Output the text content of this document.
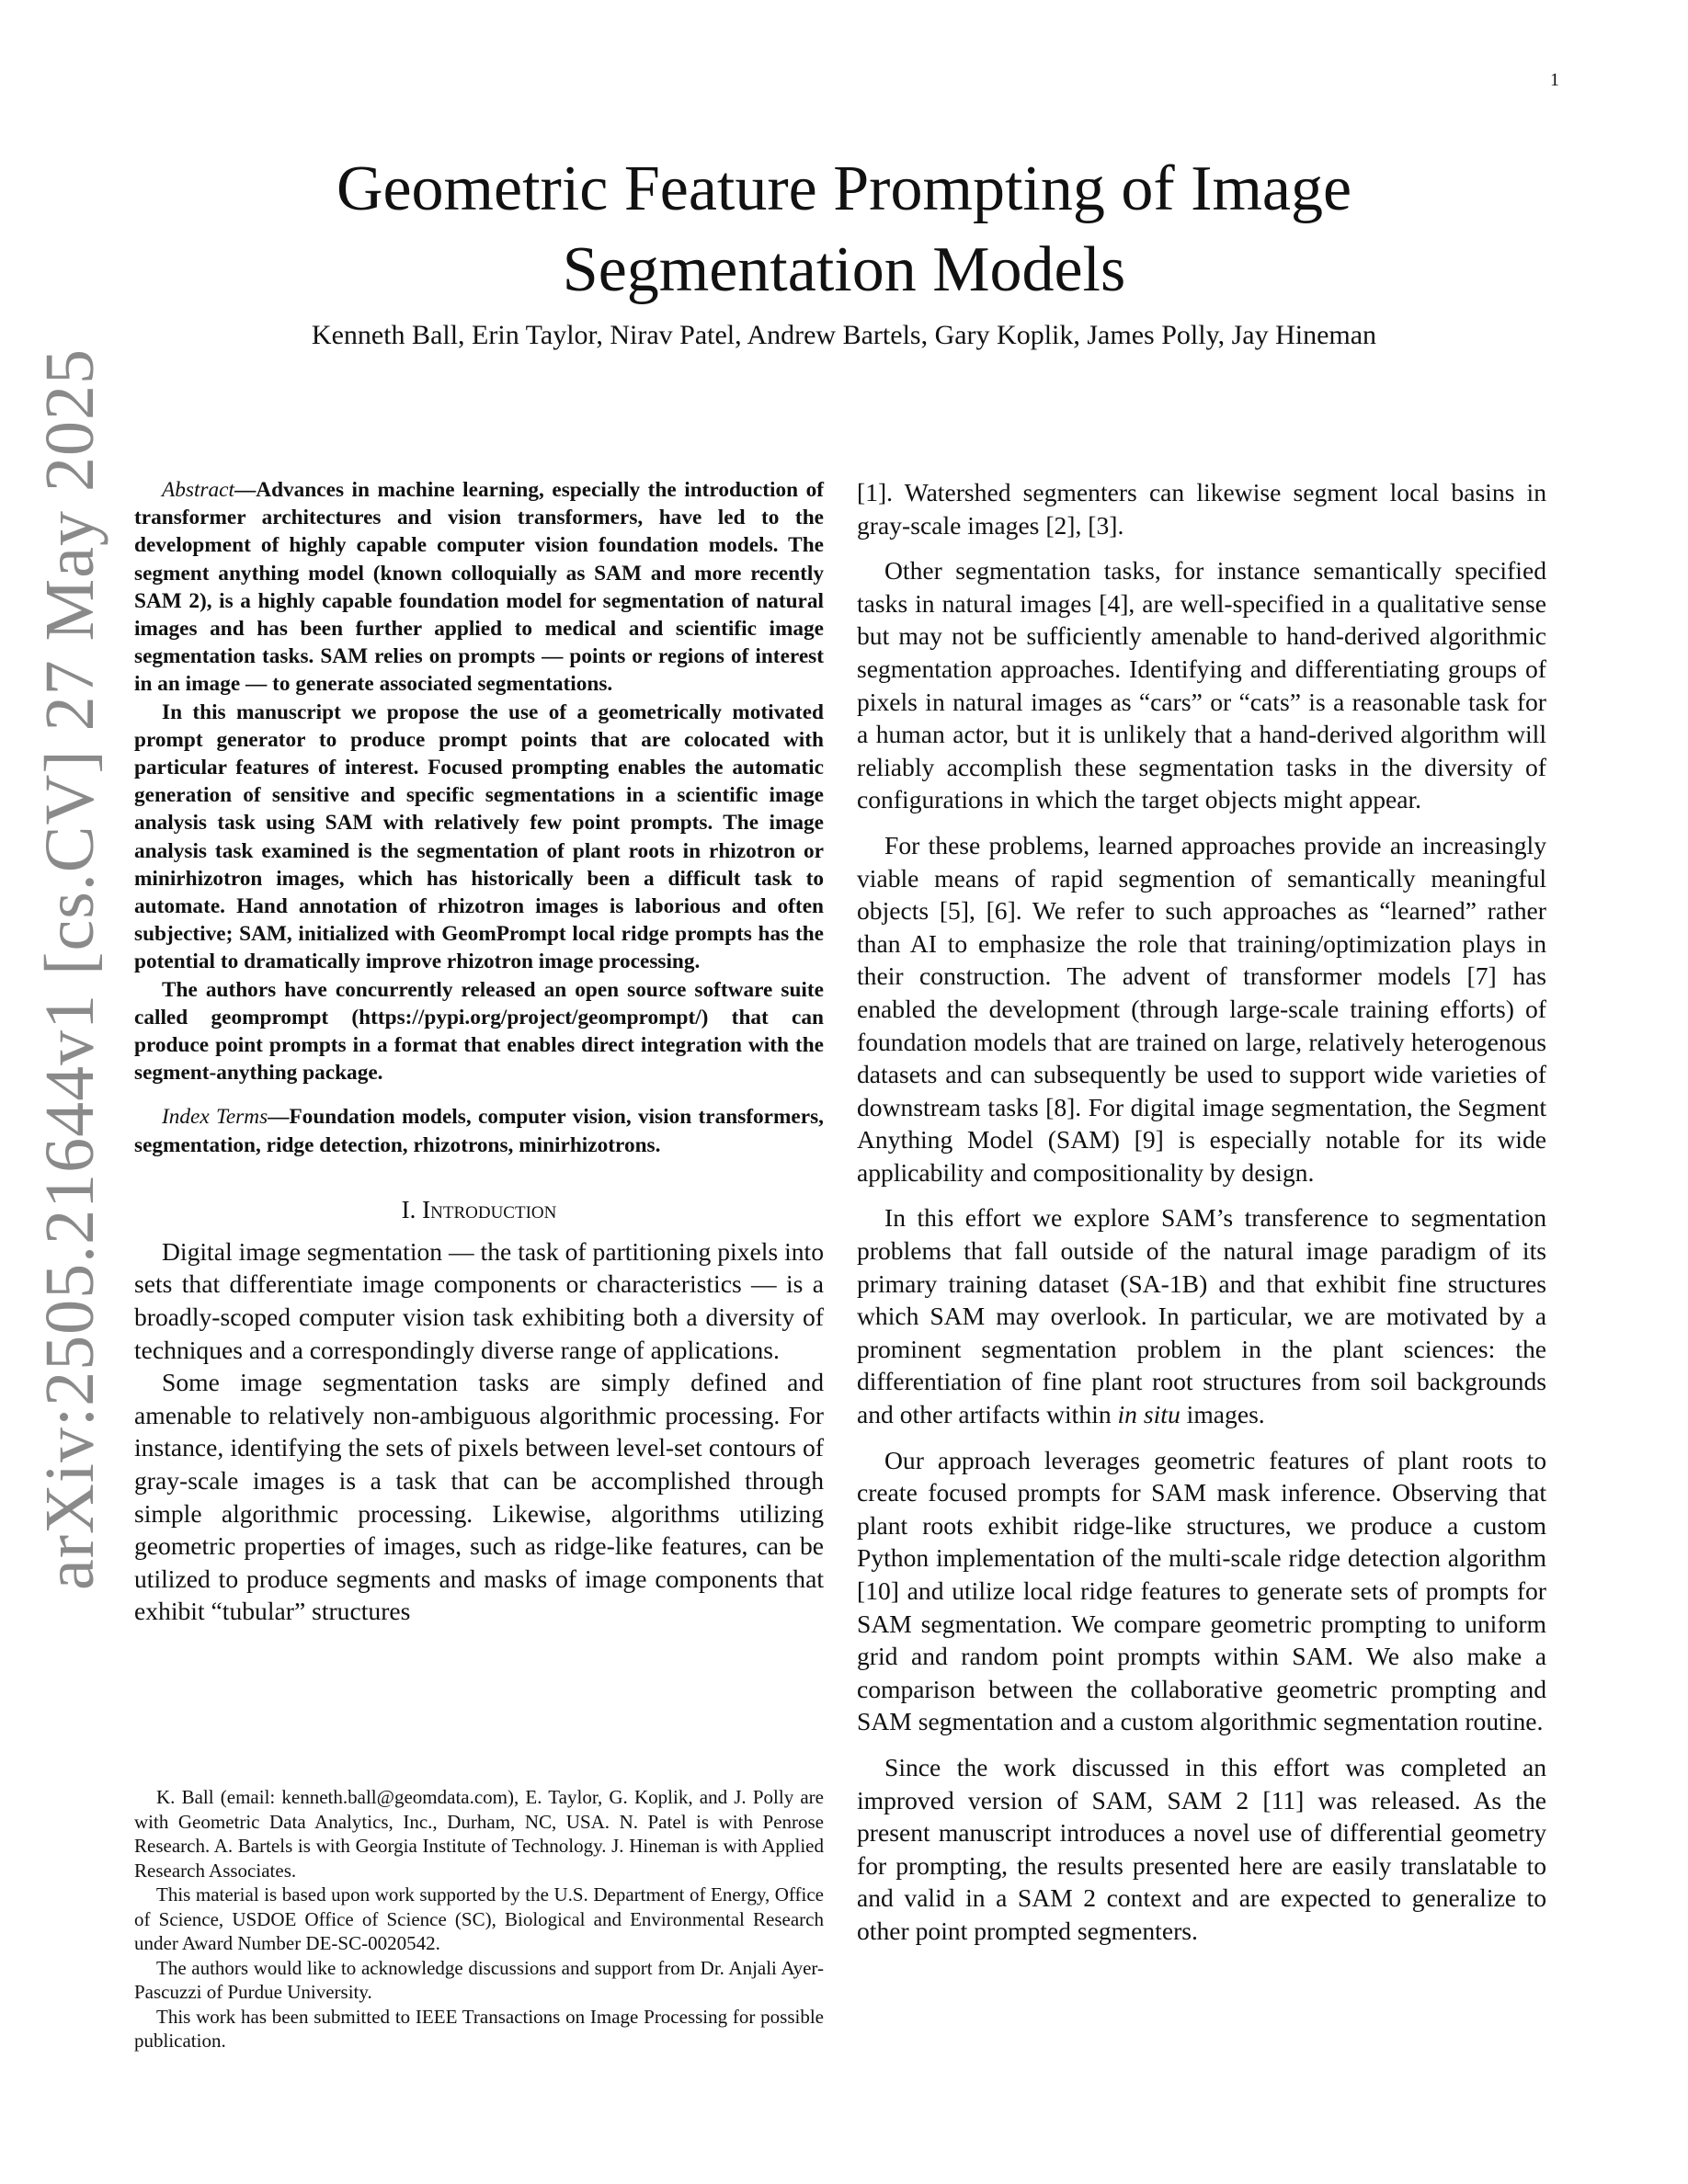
1
arXiv:2505.21644v1 [cs.CV] 27 May 2025
Geometric Feature Prompting of Image
Segmentation Models

Kenneth Ball, Erin Taylor, Nirav Patel, Andrew Bartels, Gary Koplik, James Polly, Jay Hineman

Abstract—Advances in machine learning, especially the introduction of transformer architectures and vision transformers, have led to the development of highly capable computer vision foundation models. The segment anything model (known colloquially as SAM and more recently SAM 2), is a highly capable foundation model for segmentation of natural images and has been further applied to medical and scientific image segmentation tasks. SAM relies on prompts — points or regions of interest in an image — to generate associated segmentations.

In this manuscript we propose the use of a geometrically motivated prompt generator to produce prompt points that are colocated with particular features of interest. Focused prompting enables the automatic generation of sensitive and specific segmentations in a scientific image analysis task using SAM with relatively few point prompts. The image analysis task examined is the segmentation of plant roots in rhizotron or minirhizotron images, which has historically been a difficult task to automate. Hand annotation of rhizotron images is laborious and often subjective; SAM, initialized with GeomPrompt local ridge prompts has the potential to dramatically improve rhizotron image processing.

The authors have concurrently released an open source software suite called geomprompt (https://pypi.org/project/geomprompt/) that can produce point prompts in a format that enables direct integration with the segment-anything package.

Index Terms—Foundation models, computer vision, vision transformers, segmentation, ridge detection, rhizotrons, minirhizotrons.

I. Introduction

Digital image segmentation — the task of partitioning pixels into sets that differentiate image components or characteristics — is a broadly-scoped computer vision task exhibiting both a diversity of techniques and a correspondingly diverse range of applications.

Some image segmentation tasks are simply defined and amenable to relatively non-ambiguous algorithmic processing. For instance, identifying the sets of pixels between level-set contours of gray-scale images is a task that can be accomplished through simple algorithmic processing. Likewise, algorithms utilizing geometric properties of images, such as ridge-like features, can be utilized to produce segments and masks of image components that exhibit “tubular” structures

[1]. Watershed segmenters can likewise segment local basins in gray-scale images [2], [3].

Other segmentation tasks, for instance semantically specified tasks in natural images [4], are well-specified in a qualitative sense but may not be sufficiently amenable to hand-derived algorithmic segmentation approaches. Identifying and differentiating groups of pixels in natural images as “cars” or “cats” is a reasonable task for a human actor, but it is unlikely that a hand-derived algorithm will reliably accomplish these segmentation tasks in the diversity of configurations in which the target objects might appear.

For these problems, learned approaches provide an increasingly viable means of rapid segmention of semantically meaningful objects [5], [6]. We refer to such approaches as “learned” rather than AI to emphasize the role that training/optimization plays in their construction. The advent of transformer models [7] has enabled the development (through large-scale training efforts) of foundation models that are trained on large, relatively heterogenous datasets and can subsequently be used to support wide varieties of downstream tasks [8]. For digital image segmentation, the Segment Anything Model (SAM) [9] is especially notable for its wide applicability and compositionality by design.

In this effort we explore SAM’s transference to segmentation problems that fall outside of the natural image paradigm of its primary training dataset (SA-1B) and that exhibit fine structures which SAM may overlook. In particular, we are motivated by a prominent segmentation problem in the plant sciences: the differentiation of fine plant root structures from soil backgrounds and other artifacts within in situ images.

Our approach leverages geometric features of plant roots to create focused prompts for SAM mask inference. Observing that plant roots exhibit ridge-like structures, we produce a custom Python implementation of the multi-scale ridge detection algorithm [10] and utilize local ridge features to generate sets of prompts for SAM segmentation. We compare geometric prompting to uniform grid and random point prompts within SAM. We also make a comparison between the collaborative geometric prompting and SAM segmentation and a custom algorithmic segmentation routine.

Since the work discussed in this effort was completed an improved version of SAM, SAM 2 [11] was released. As the present manuscript introduces a novel use of differential geometry for prompting, the results presented here are easily translatable to and valid in a SAM 2 context and are expected to generalize to other point prompted segmenters.

K. Ball (email: kenneth.ball@geomdata.com), E. Taylor, G. Koplik, and J. Polly are with Geometric Data Analytics, Inc., Durham, NC, USA. N. Patel is with Penrose Research. A. Bartels is with Georgia Institute of Technology. J. Hineman is with Applied Research Associates.

This material is based upon work supported by the U.S. Department of Energy, Office of Science, USDOE Office of Science (SC), Biological and Environmental Research under Award Number DE-SC-0020542.

The authors would like to acknowledge discussions and support from Dr. Anjali Ayer-Pascuzzi of Purdue University.

This work has been submitted to IEEE Transactions on Image Processing for possible publication.
